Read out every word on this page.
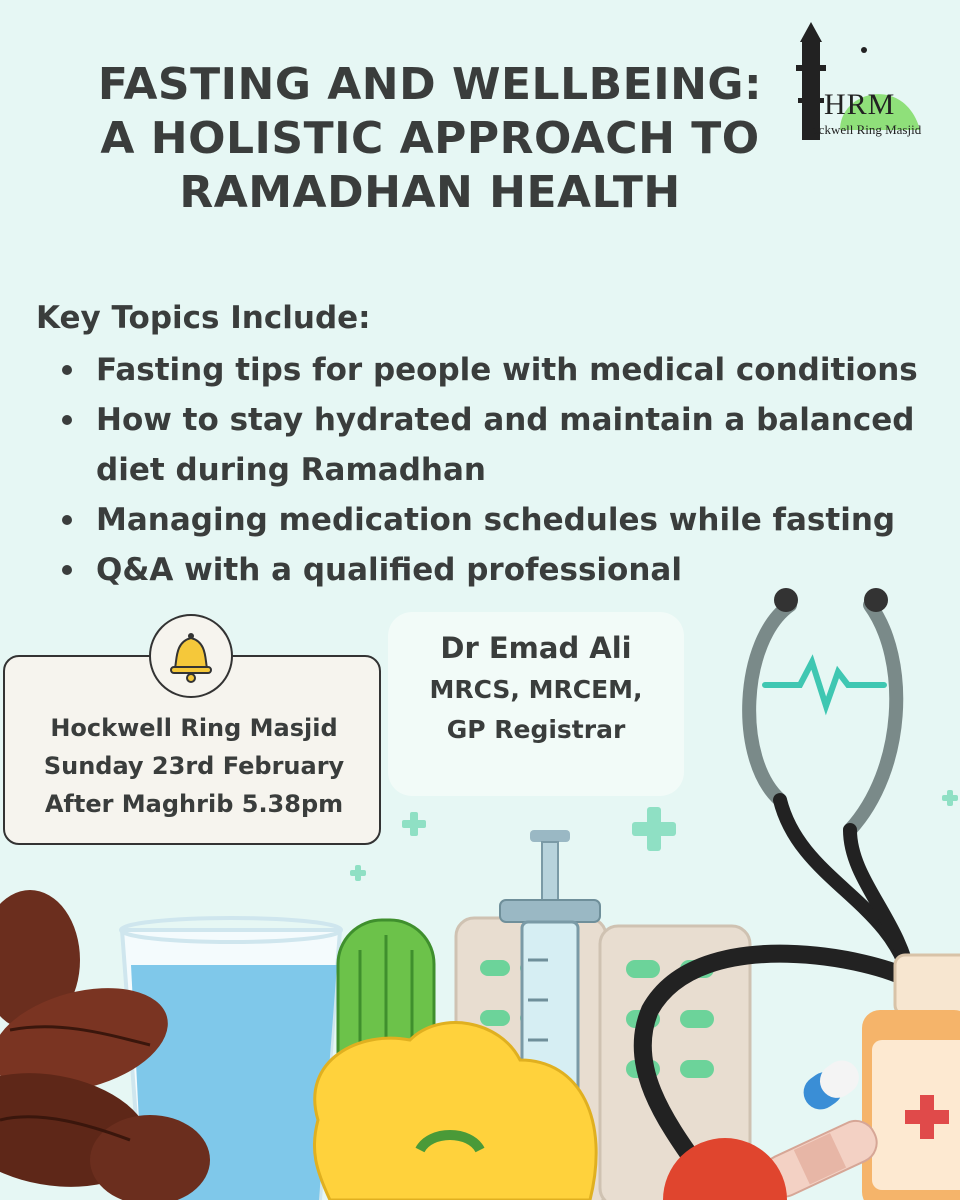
FASTING AND WELLBEING:
A HOLISTIC APPROACH TO
RAMADHAN HEALTH
HRM
Hockwell Ring Masjid
Key Topics Include:
Fasting tips for people with medical conditions
How to stay hydrated and maintain a balanced diet during Ramadhan
Managing medication schedules while fasting
Q&A with a qualified professional
Hockwell Ring Masjid
Sunday 23rd February
After Maghrib 5.38pm
Dr Emad Ali
MRCS, MRCEM,
GP Registrar
